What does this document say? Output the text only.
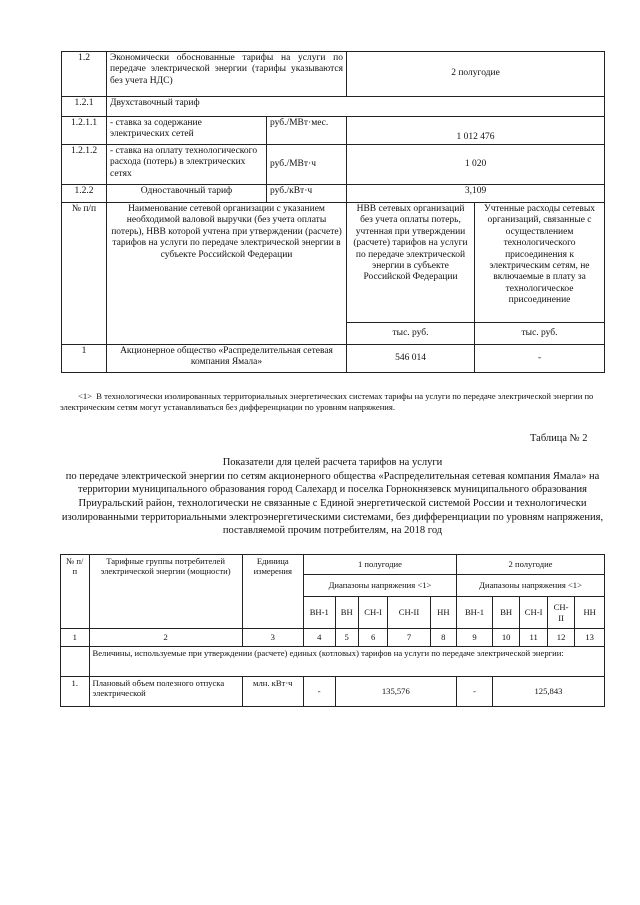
1.2	Экономически обоснованные тарифы на услуги по передаче электрической энергии (тарифы указываются без учета НДС)		2 полугодие	
1.2.1	Двухставочный тариф			
1.2.1.1	- ставка за содержание электрических сетей	руб./МВт·мес.	1 012 476	
1.2.1.2	- ставка на оплату технологического расхода (потерь) в электрических сетях	руб./МВт·ч	1 020	
1.2.2	Одноставочный тариф	руб./кВт·ч	3,109	
№ п/п	Наименование сетевой организации с указанием необходимой валовой выручки (без учета оплаты потерь), НВВ которой учтена при утверждении (расчете) тарифов на услуги по передаче электрической энергии в субъекте Российской Федерации		НВВ сетевых организаций без учета оплаты потерь, учтенная при утверждении (расчете) тарифов на услуги по передаче электрической энергии в субъекте Российской Федерации	Учтенные расходы сетевых организаций, связанные с осуществлением технологического присоединения к электрическим сетям, не включаемые в плату за технологическое присоединение
			тыс. руб.	тыс. руб.
1	Акционерное общество «Распределительная сетевая компания Ямала»		546 014	-
<1> В технологически изолированных территориальных энергетических системах тарифы на услуги по передаче электрической энергии по электрическим сетям могут устанавливаться без дифференциации по уровням напряжения.
Таблица № 2
Показатели для целей расчета тарифов на услуги
по передаче электрической энергии по сетям акционерного общества «Распределительная сетевая компания Ямала» на территории муниципального образования город Салехард и поселка Горнокнязевск муниципального образования Приуральский район, технологически не связанные с Единой энергетической системой России и технологически изолированными территориальными электроэнергетическими системами, без дифференциации по уровням напряжения, поставляемой прочим потребителям, на 2018 год
№ п/п	Тарифные группы потребителей электрической энергии (мощности)	Единица измерения	1 полугодие					2 полугодие				
			Диапазоны напряжения <1>					Диапазоны напряжения <1>				
			ВН-1	ВН	СН-I	СН-II	НН	ВН-1	ВН	СН-I	СН-II	НН
1	2	3	4	5	6	7	8	9	10	11	12	13
	Величины, используемые при утверждении (расчете) единых (котловых) тарифов на услуги по передаче электрической энергии:											
1.	Плановый объем полезного отпуска электрической	млн. кВт·ч	-	135,576				-	125,843			
